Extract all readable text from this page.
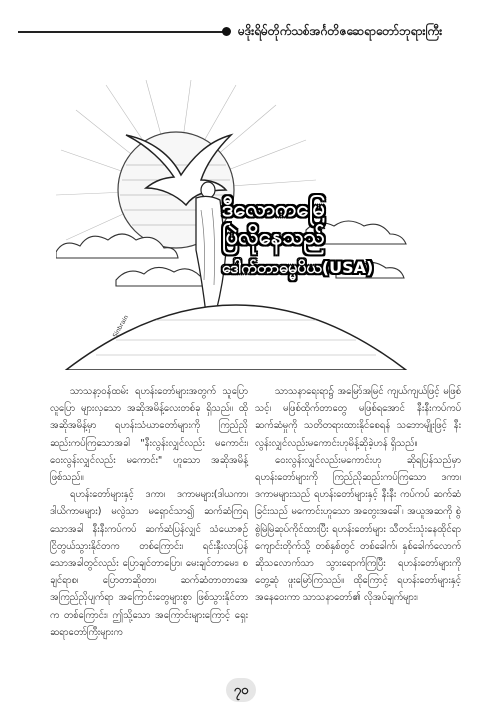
မဒိုးရိမ်တိုက်သစ်အင်္ဂတိဇဆေရာတော်ဘုရားကြီး
Sinbrain
ဒီလောကမြေ
ပြဲလိုနေသည်
ဒေါက်တာဓမ္မပိယ(USA)

သာသနာ့ဝန်ထမ်း ရဟန်းတော်များအတွက် သူပြောလူပြော များလှသော အဆိုအမိန့်လေးတစ်ခု ရှိသည်။ ထိုအဆိုအမိန့်မှာ ရဟန်းသံဃာတော်များကို ကြည်ညိုဆည်းကပ်ကြသောအခါ "နီးလွန်းလျှင်လည်း မကောင်း၊ ဝေးလွန်းလျှင်လည်း မကောင်း" ဟူသော အဆိုအမိန့်ဖြစ်သည်။

ရဟန်းတော်များနှင့် ဒကာ၊ ဒကာမများ(ဒါယကာ၊ ဒါယိကာမများ) မလွဲသာ မရှောင်သာ၍ ဆက်ဆံကြရသောအခါ နီးနီးကပ်ကပ် ဆက်ဆံပြန်လျှင် သံယောဇဉ် ငြိတွယ်သွားနိုင်တက တစ်ကြောင်း၊ ရင်းနှီးလာပြန်သောအခါတွင်လည်း ပြောချင်တာပြော၊ မေးချင်တာမေး၊ စချင်ရာစ၊ ပြောတာဆိုတာ၊ ဆက်ဆံတာတာအေ အကြည်ညိုပျက်ရာ အကြောင်းတွေများစွာ ဖြစ်သွားနိုင်တာက တစ်ကြောင်း၊ ဤသို့သော အကြောင်းများကြောင့် ရှေးဆရာတော်ကြီးများက

သာသနာရေးရာ၌ အမြော်အမြင် ကျယ်ကျယ်ဖြင့် မဖြစ်သင့်၊ မဖြစ်ထိုက်တာတွေ မဖြစ်ရအောင် နီးနီးကပ်ကပ် ဆက်ဆံမှုကို သတိတရားထားနိုင်စေရန် သဘောမျိုးဖြင့် နီးလွန်းလျှင်လည်းမကောင်းဟုမိန့်ဆိုခဲ့ဟန် ရှိသည်။

ဝေးလွန်းလျှင်လည်းမကောင်းဟု ဆိုရပြန်သည်မှာ ရဟန်းတော်များကို ကြည်ညိုဆည်းကပ်ကြသော ဒကာ၊ ဒကာမများသည် ရဟန်းတော်များနှင့် နီးနီး ကပ်ကပ် ဆက်ဆံခြင်းသည် မကောင်းဟူသော အတွေးအခေါ်၊ အယူအဆကို စွဲစွဲမြဲမြဲဆုပ်ကိုင်ထားပြီး ရဟန်းတော်များ သီတင်းသုံးနေထိုင်ရာ ကျောင်းတိုက်သို့ တစ်နှစ်တွင် တစ်ခေါက်၊ နှစ်ခေါက်လောက် ဆိုသလောက်သာ သွားရောက်ကြပြီး ရဟန်းတော်များကို တွေ့ဆုံ ဖူးမြော်ကြသည်။ ထိုကြောင့် ရဟန်းတော်များနှင့် အနေဝေးကာ သာသနာတော်၏ လိုအပ်ချက်များ၊

၇၀
